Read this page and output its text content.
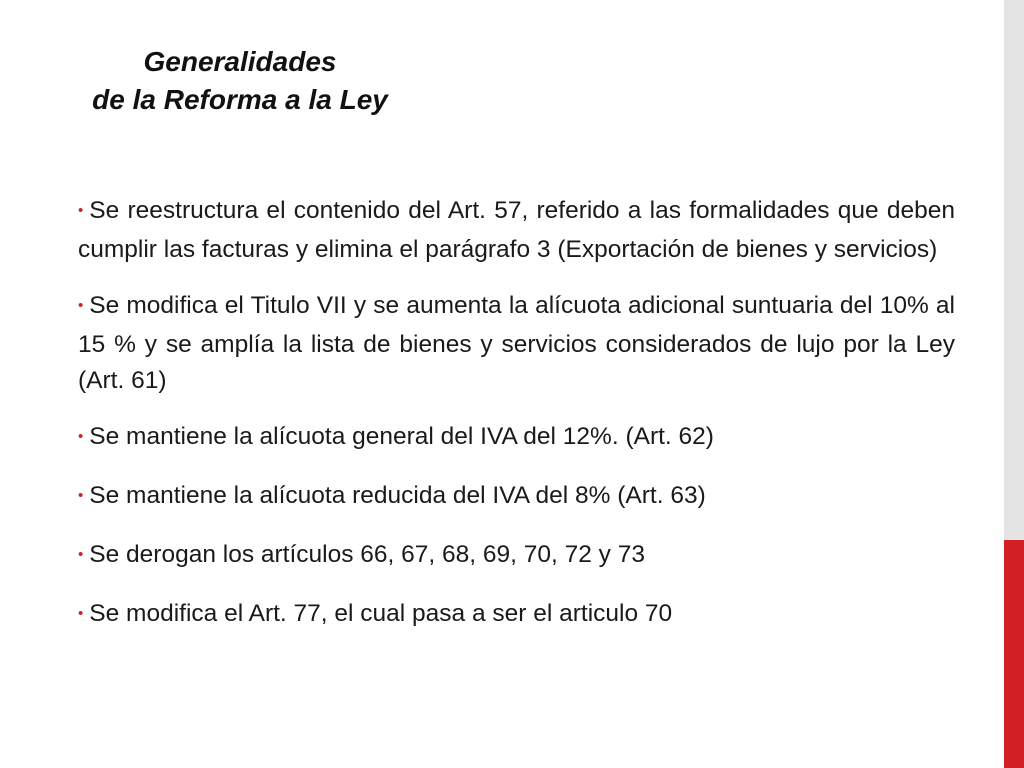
Generalidades
de la Reforma a la Ley
• Se reestructura el contenido del Art. 57, referido a las formalidades que deben cumplir las facturas y elimina el parágrafo 3 (Exportación de bienes y servicios)
• Se modifica el Titulo VII y se aumenta la alícuota adicional suntuaria del 10% al 15 % y se amplía la lista de bienes y servicios considerados de lujo por la Ley (Art. 61)
• Se mantiene la alícuota general del IVA del 12%. (Art. 62)
• Se mantiene la alícuota reducida del IVA del 8% (Art. 63)
• Se derogan los artículos 66, 67, 68, 69, 70, 72 y 73
• Se modifica el Art. 77, el cual pasa a ser el articulo 70
